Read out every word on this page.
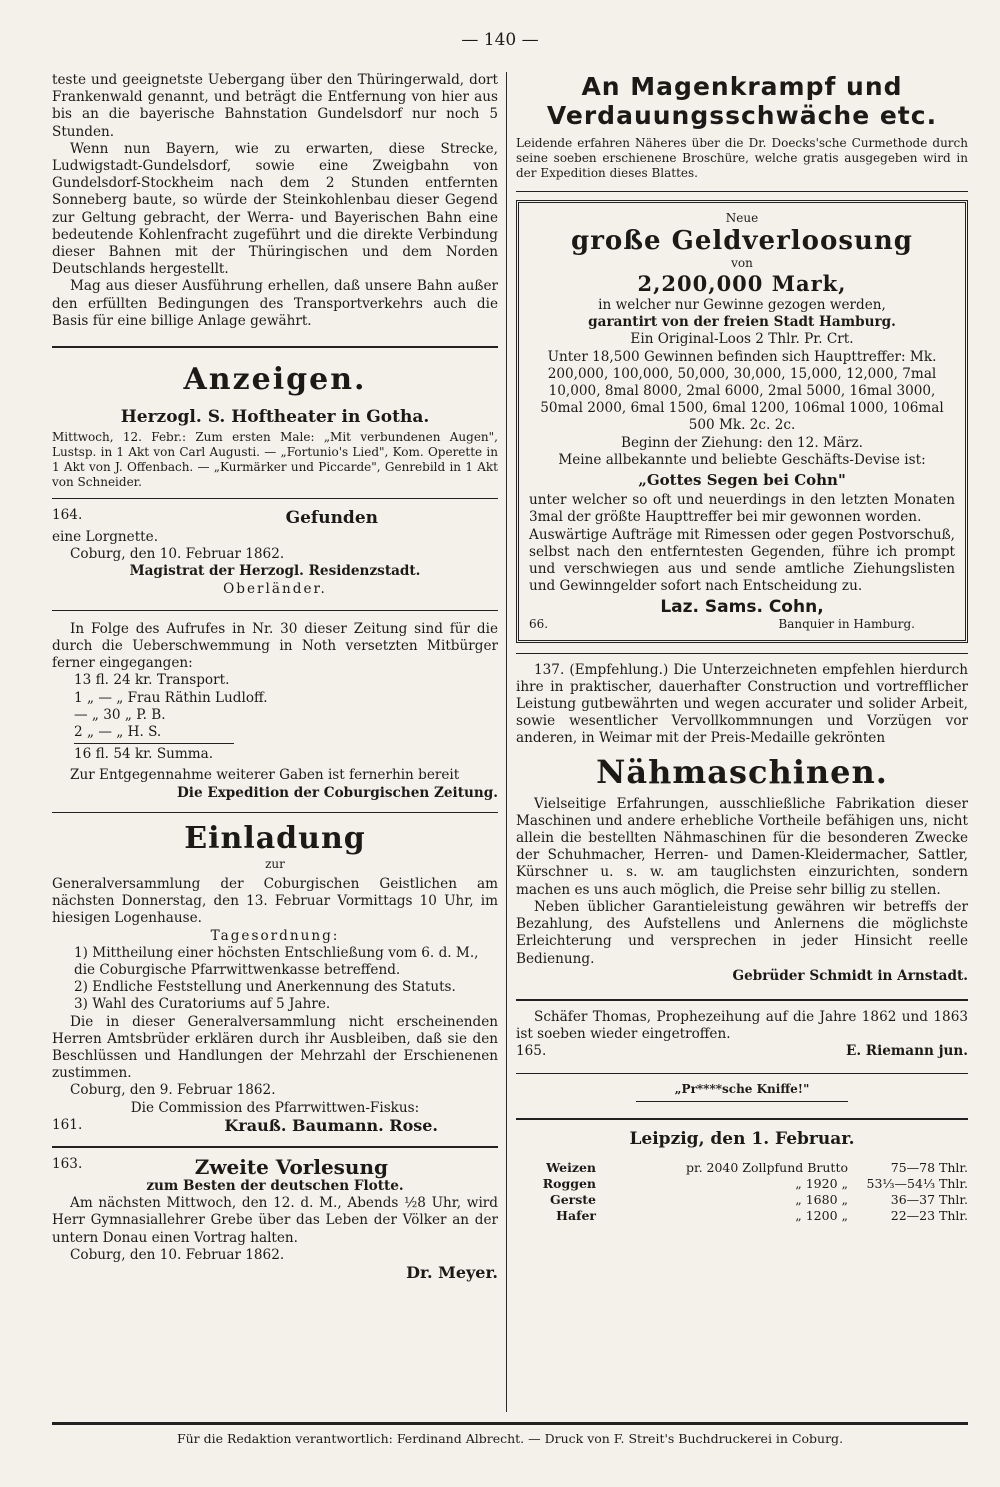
— 140 —

teste und geeignetste Uebergang über den Thüringerwald, dort Frankenwald genannt, und beträgt die Entfernung von hier aus bis an die bayerische Bahnstation Gundelsdorf nur noch 5 Stunden.

Wenn nun Bayern, wie zu erwarten, diese Strecke, Ludwigstadt-Gundelsdorf, sowie eine Zweigbahn von Gundelsdorf-Stockheim nach dem 2 Stunden entfernten Sonneberg baute, so würde der Steinkohlenbau dieser Gegend zur Geltung gebracht, der Werra- und Bayerischen Bahn eine bedeutende Kohlenfracht zugeführt und die direkte Verbindung dieser Bahnen mit der Thüringischen und dem Norden Deutschlands hergestellt.

Mag aus dieser Ausführung erhellen, daß unsere Bahn außer den erfüllten Bedingungen des Transportverkehrs auch die Basis für eine billige Anlage gewährt.

Anzeigen.
Herzogl. S. Hoftheater in Gotha.

Mittwoch, 12. Febr.: Zum ersten Male: „Mit verbundenen Augen", Lustsp. in 1 Akt von Carl Augusti. — „Fortunio's Lied", Kom. Operette in 1 Akt von J. Offenbach. — „Kurmärker und Piccarde", Genrebild in 1 Akt von Schneider.

164.	Gefunden

eine Lorgnette.

Coburg, den 10. Februar 1862.

Magistrat der Herzogl. Residenzstadt.

Oberländer.

In Folge des Aufrufes in Nr. 30 dieser Zeitung sind für die durch die Ueberschwemmung in Noth versetzten Mitbürger ferner eingegangen:

13 fl. 24 kr. Transport.

1 „ — „ Frau Räthin Ludloff.

— „ 30 „ P. B.

2 „ — „ H. S.

16 fl. 54 kr. Summa.

Zur Entgegennahme weiterer Gaben ist fernerhin bereit

Die Expedition der Coburgischen Zeitung.

Einladung
zur

Generalversammlung der Coburgischen Geistlichen am nächsten Donnerstag, den 13. Februar Vormittags 10 Uhr, im hiesigen Logenhause.

Tagesordnung:

1) Mittheilung einer höchsten Entschließung vom 6. d. M., die Coburgische Pfarrwittwenkasse betreffend.

2) Endliche Feststellung und Anerkennung des Statuts.

3) Wahl des Curatoriums auf 5 Jahre.

Die in dieser Generalversammlung nicht erscheinenden Herren Amtsbrüder erklären durch ihr Ausbleiben, daß sie den Beschlüssen und Handlungen der Mehrzahl der Erschienenen zustimmen.

Coburg, den 9. Februar 1862.

Die Commission des Pfarrwittwen-Fiskus:

161.	Krauß. Baumann. Rose.
163.	Zweite Vorlesung

zum Besten der deutschen Flotte.

Am nächsten Mittwoch, den 12. d. M., Abends ½8 Uhr, wird Herr Gymnasiallehrer Grebe über das Leben der Völker an der untern Donau einen Vortrag halten.

Coburg, den 10. Februar 1862.

Dr. Meyer.

An Magenkrampf und Verdauungsschwäche etc.

Leidende erfahren Näheres über die Dr. Doecks'sche Curmethode durch seine soeben erschienene Broschüre, welche gratis ausgegeben wird in der Expedition dieses Blattes.

Neue

große Geldverloosung

von

2,200,000 Mark,

in welcher nur Gewinne gezogen werden,

garantirt von der freien Stadt Hamburg.

Ein Original-Loos 2 Thlr. Pr. Crt.

Unter 18,500 Gewinnen befinden sich Haupttreffer: Mk. 200,000, 100,000, 50,000, 30,000, 15,000, 12,000, 7mal 10,000, 8mal 8000, 2mal 6000, 2mal 5000, 16mal 3000, 50mal 2000, 6mal 1500, 6mal 1200, 106mal 1000, 106mal 500 Mk. 2c. 2c.

Beginn der Ziehung: den 12. März.

Meine allbekannte und beliebte Geschäfts-Devise ist:

„Gottes Segen bei Cohn"

unter welcher so oft und neuerdings in den letzten Monaten 3mal der größte Haupttreffer bei mir gewonnen worden.

Auswärtige Aufträge mit Rimessen oder gegen Postvorschuß, selbst nach den entferntesten Gegenden, führe ich prompt und verschwiegen aus und sende amtliche Ziehungslisten und Gewinngelder sofort nach Entscheidung zu.

Laz. Sams. Cohn,

66.	Banquier in Hamburg.

137. (Empfehlung.) Die Unterzeichneten empfehlen hierdurch ihre in praktischer, dauerhafter Construction und vortrefflicher Leistung gutbewährten und wegen accurater und solider Arbeit, sowie wesentlicher Vervollkommnungen und Vorzügen vor anderen, in Weimar mit der Preis-Medaille gekrönten

Nähmaschinen.

Vielseitige Erfahrungen, ausschließliche Fabrikation dieser Maschinen und andere erhebliche Vortheile befähigen uns, nicht allein die bestellten Nähmaschinen für die besonderen Zwecke der Schuhmacher, Herren- und Damen-Kleidermacher, Sattler, Kürschner u. s. w. am tauglichsten einzurichten, sondern machen es uns auch möglich, die Preise sehr billig zu stellen.

Neben üblicher Garantieleistung gewähren wir betreffs der Bezahlung, des Aufstellens und Anlernens die möglichste Erleichterung und versprechen in jeder Hinsicht reelle Bedienung.

Gebrüder Schmidt in Arnstadt.

Schäfer Thomas, Prophezeihung auf die Jahre 1862 und 1863 ist soeben wieder eingetroffen.

165.	E. Riemann jun.
„Pr****sche Kniffe!"
Leipzig, den 1. Februar.
Weizen	pr. 2040 Zollpfund Brutto	75—78 Thlr.
Roggen	„ 1920 „	53⅓—54⅓ Thlr.
Gerste	„ 1680 „	36—37 Thlr.
Hafer	„ 1200 „	22—23 Thlr.
Für die Redaktion verantwortlich: Ferdinand Albrecht. — Druck von F. Streit's Buchdruckerei in Coburg.
